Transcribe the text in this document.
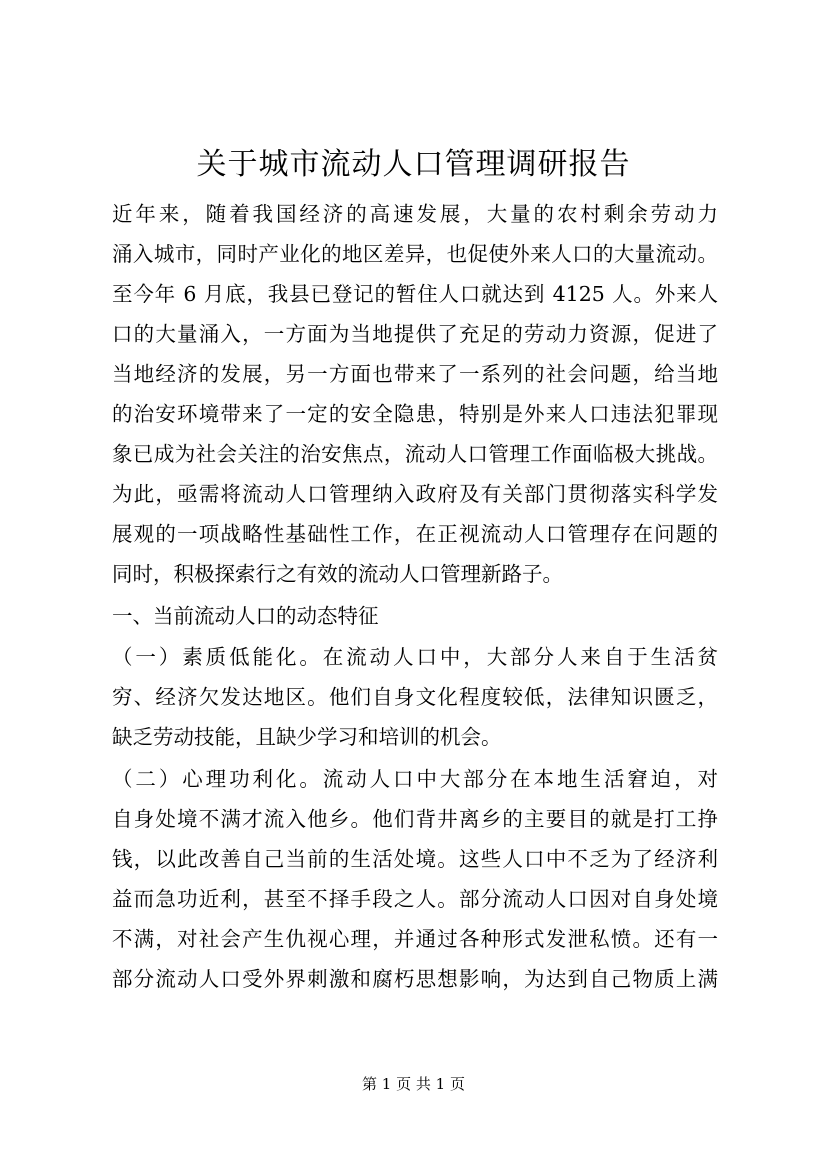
关于城市流动人口管理调研报告

近年来，随着我国经济的高速发展，大量的农村剩余劳动力

涌入城市，同时产业化的地区差异，也促使外来人口的大量流动。

至今年 6 月底，我县已登记的暂住人口就达到 4125 人。外来人

口的大量涌入，一方面为当地提供了充足的劳动力资源，促进了

当地经济的发展，另一方面也带来了一系列的社会问题，给当地

的治安环境带来了一定的安全隐患，特别是外来人口违法犯罪现

象已成为社会关注的治安焦点，流动人口管理工作面临极大挑战。

为此，亟需将流动人口管理纳入政府及有关部门贯彻落实科学发

展观的一项战略性基础性工作，在正视流动人口管理存在问题的

同时，积极探索行之有效的流动人口管理新路子。

一、当前流动人口的动态特征

（一）素质低能化。在流动人口中，大部分人来自于生活贫

穷、经济欠发达地区。他们自身文化程度较低，法律知识匮乏，

缺乏劳动技能，且缺少学习和培训的机会。

（二）心理功利化。流动人口中大部分在本地生活窘迫，对

自身处境不满才流入他乡。他们背井离乡的主要目的就是打工挣

钱，以此改善自己当前的生活处境。这些人口中不乏为了经济利

益而急功近利，甚至不择手段之人。部分流动人口因对自身处境

不满，对社会产生仇视心理，并通过各种形式发泄私愤。还有一

部分流动人口受外界刺激和腐朽思想影响，为达到自己物质上满

第 1 页 共 1 页
